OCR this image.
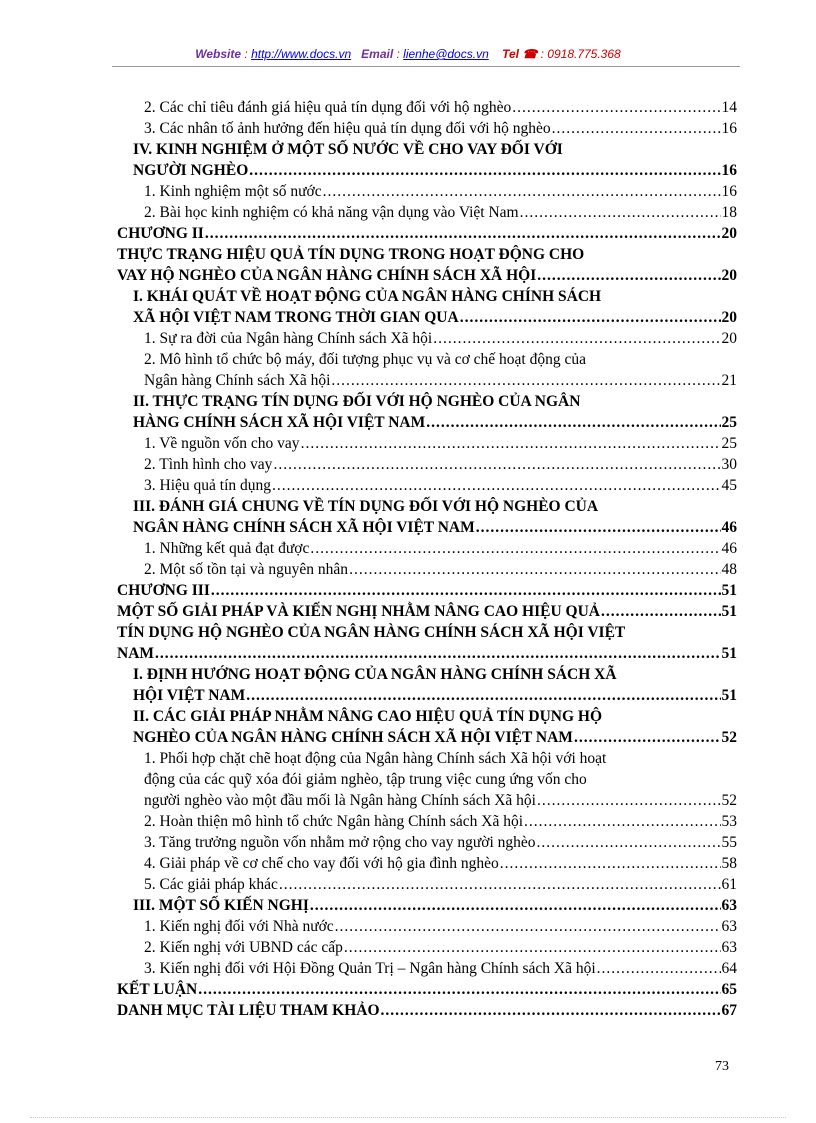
Website : http://www.docs.vn Email : lienhe@docs.vn Tel ☎ : 0918.775.368
2. Các chỉ tiêu đánh giá hiệu quả tín dụng đối với hộ nghèo .....	14
3. Các nhân tố ảnh hưởng đến hiệu quả tín dụng đối với hộ nghèo .....	16
IV. KINH NGHIỆM Ở MỘT SỐ NƯỚC VỀ CHO VAY ĐỐI VỚI
NGƯỜI NGHÈO .....	16
1. Kinh nghiệm một số nước .....	16
2. Bài học kinh nghiệm có khả năng vận dụng vào Việt Nam .....	18
CHƯƠNG II .....	20
THỰC TRẠNG HIỆU QUẢ TÍN DỤNG TRONG HOẠT ĐỘNG CHO
VAY HỘ NGHÈO CỦA NGÂN HÀNG CHÍNH SÁCH XÃ HỘI .....	20
I. KHÁI QUÁT VỀ HOẠT ĐỘNG CỦA NGÂN HÀNG CHÍNH SÁCH
XÃ HỘI VIỆT NAM TRONG THỜI GIAN QUA .....	20
1. Sự ra đời của Ngân hàng Chính sách Xã hội .....	20
2. Mô hình tổ chức bộ máy, đối tượng phục vụ và cơ chế hoạt động của
Ngân hàng Chính sách Xã hội .....	21
II. THỰC TRẠNG TÍN DỤNG ĐỐI VỚI HỘ NGHÈO CỦA NGÂN
HÀNG CHÍNH SÁCH XÃ HỘI VIỆT NAM .....	25
1. Về nguồn vốn cho vay .....	25
2. Tình hình cho vay .....	30
3. Hiệu quả tín dụng .....	45
III. ĐÁNH GIÁ CHUNG VỀ TÍN DỤNG ĐỐI VỚI HỘ NGHÈO CỦA
NGÂN HÀNG CHÍNH SÁCH XÃ HỘI VIỆT NAM .....	46
1. Những kết quả đạt được .....	46
2. Một số tồn tại và nguyên nhân .....	48
CHƯƠNG III .....	51
MỘT SỐ GIẢI PHÁP VÀ KIẾN NGHỊ NHẰM NÂNG CAO HIỆU QUẢ .....	51
TÍN DỤNG HỘ NGHÈO CỦA NGÂN HÀNG CHÍNH SÁCH XÃ HỘI VIỆT
NAM .....	51
I. ĐỊNH HƯỚNG HOẠT ĐỘNG CỦA NGÂN HÀNG CHÍNH SÁCH XÃ
HỘI VIỆT NAM .....	51
II. CÁC GIẢI PHÁP NHẰM NÂNG CAO HIỆU QUẢ TÍN DỤNG HỘ
NGHÈO CỦA NGÂN HÀNG CHÍNH SÁCH XÃ HỘI VIỆT NAM .....	52
1. Phối hợp chặt chẽ hoạt động của Ngân hàng Chính sách Xã hội với hoạt
động của các quỹ xóa đói giảm nghèo, tập trung việc cung ứng vốn cho
người nghèo vào một đầu mối là Ngân hàng Chính sách Xã hội .....	52
2. Hoàn thiện mô hình tổ chức Ngân hàng Chính sách Xã hội .....	53
3. Tăng trưởng nguồn vốn nhằm mở rộng cho vay người nghèo .....	55
4. Giải pháp về cơ chế cho vay đối với hộ gia đình nghèo .....	58
5. Các giải pháp khác .....	61
III. MỘT SỐ KIẾN NGHỊ .....	63
1. Kiến nghị đối với Nhà nước .....	63
2. Kiến nghị với UBND các cấp .....	63
3. Kiến nghị đối với Hội Đồng Quản Trị – Ngân hàng Chính sách Xã hội .....	64
KẾT LUẬN .....	65
DANH MỤC TÀI LIỆU THAM KHẢO .....	67
73
